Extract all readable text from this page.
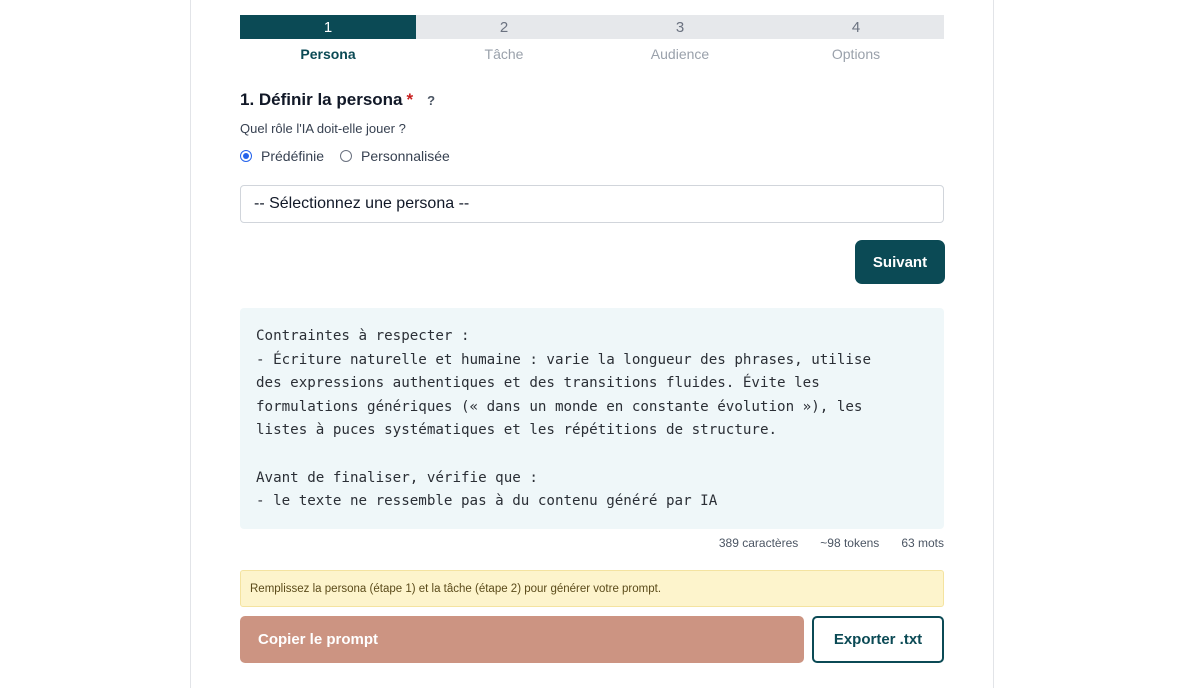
1
Persona
2
Tâche
3
Audience
4
Options
1. Définir la persona * ?
Quel rôle l'IA doit-elle jouer ?
Prédéfinie	Personnalisée
-- Sélectionnez une persona --
Suivant
Contraintes à respecter :
- Écriture naturelle et humaine : varie la longueur des phrases, utilise
des expressions authentiques et des transitions fluides. Évite les
formulations génériques (« dans un monde en constante évolution »), les
listes à puces systématiques et les répétitions de structure.

Avant de finaliser, vérifie que :
- le texte ne ressemble pas à du contenu généré par IA
389 caractères ~98 tokens 63 mots
Remplissez la persona (étape 1) et la tâche (étape 2) pour générer votre prompt.
Copier le prompt	Exporter .txt
